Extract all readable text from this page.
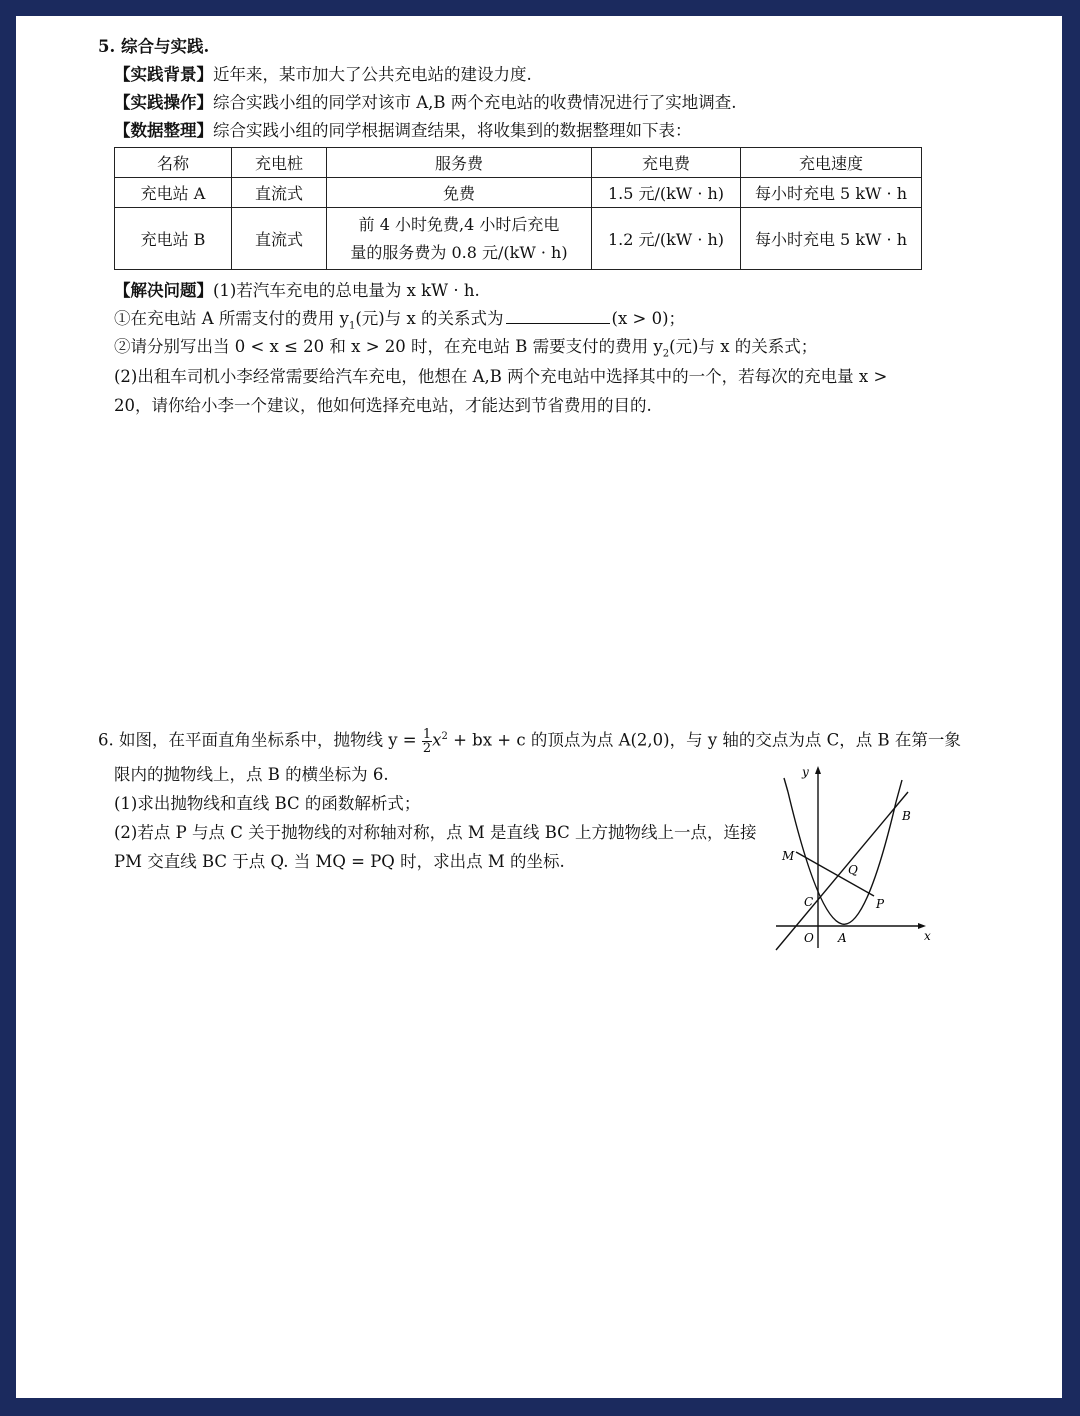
5. 综合与实践.
【实践背景】近年来，某市加大了公共充电站的建设力度.
【实践操作】综合实践小组的同学对该市 A,B 两个充电站的收费情况进行了实地调查.
【数据整理】综合实践小组的同学根据调查结果，将收集到的数据整理如下表：
名称	充电桩	服务费	充电费	充电速度
充电站 A	直流式	免费	1.5 元/(kW · h)	每小时充电 5 kW · h
充电站 B	直流式	前 4 小时免费,4 小时后充电
量的服务费为 0.8 元/(kW · h)	1.2 元/(kW · h)	每小时充电 5 kW · h
【解决问题】(1)若汽车充电的总电量为 x kW · h.
①在充电站 A 所需支付的费用 $y_1$(元)与 x 的关系式为	(x > 0)；
②请分别写出当 0 < x ≤ 20 和 x > 20 时，在充电站 B 需要支付的费用 $y_2$(元)与 x 的关系式；
(2)出租车司机小李经常需要给汽车充电，他想在 A,B 两个充电站中选择其中的一个，若每次的充电量 x >
20，请你给小李一个建议，他如何选择充电站，才能达到节省费用的目的.
6. 如图，在平面直角坐标系中，抛物线 $y = \frac{1}{2} x^2$ + bx + c 的顶点为点 A(2,0)，与 y 轴的交点为点 C，点 B 在第一象
限内的抛物线上，点 B 的横坐标为 6.
(1)求出抛物线和直线 BC 的函数解析式；
(2)若点 P 与点 C 关于抛物线的对称轴对称，点 M 是直线 BC 上方抛物线上一点，连接
PM 交直线 BC 于点 Q. 当 MQ = PQ 时，求出点 M 的坐标.
y
x
O A
B
C
M
P
Q
